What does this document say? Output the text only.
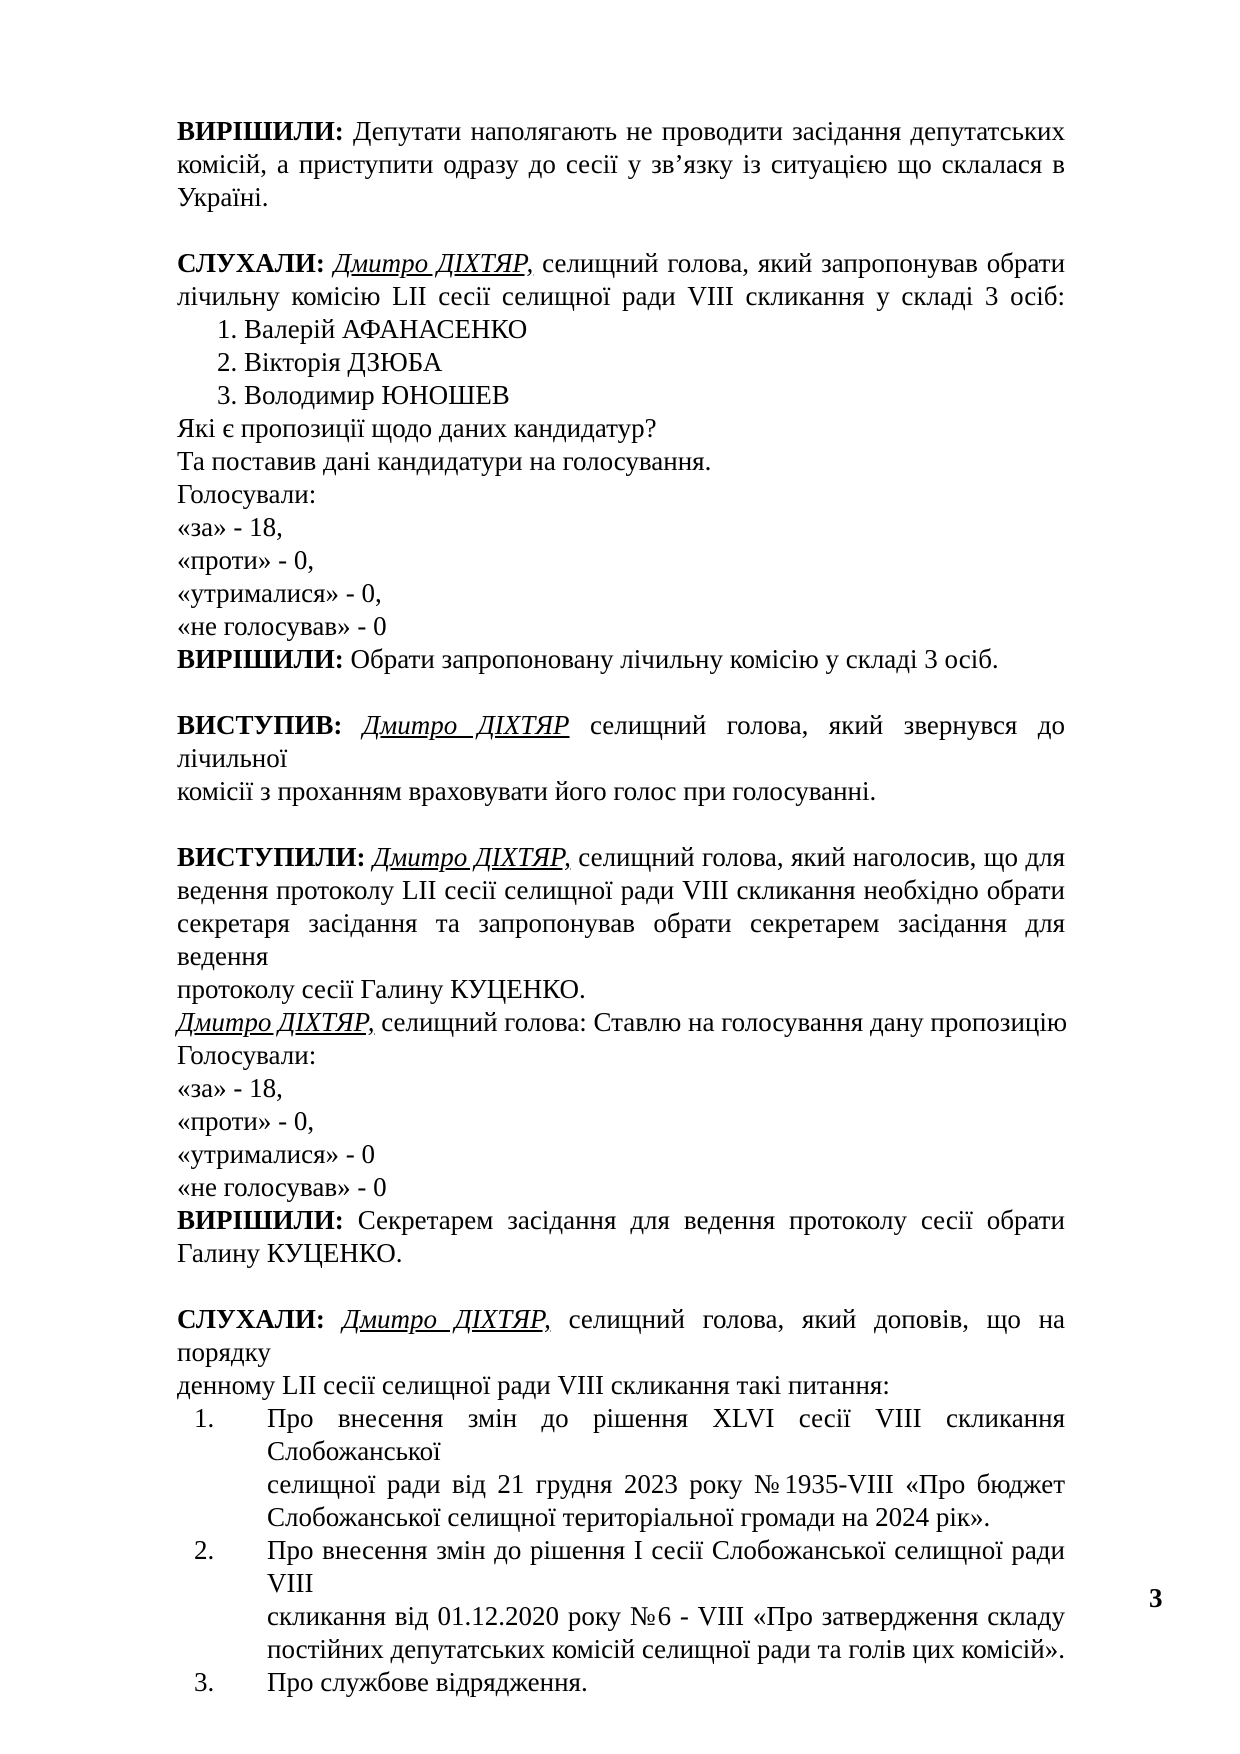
ВИРІШИЛИ: Депутати наполягають не проводити засідання депутатських
комісій, а приступити одразу до сесії у зв’язку із ситуацією що склалася в
Україні.
СЛУХАЛИ: Дмитро ДІХТЯР, селищний голова, який запропонував обрати
лічильну комісію LII сесії селищної ради VIII скликання у складі 3 осіб:
1. Валерій АФАНАСЕНКО
2. Вікторія ДЗЮБА
3. Володимир ЮНОШЕВ
Які є пропозиції щодо даних кандидатур?
Та поставив дані кандидатури на голосування.
Голосували:
«за» - 18,
«проти» - 0,
«утрималися» - 0,
«не голосував» - 0
ВИРІШИЛИ: Обрати запропоновану лічильну комісію у складі 3 осіб.
ВИСТУПИВ: Дмитро ДІХТЯР селищний голова, який звернувся до лічильної
комісії з проханням враховувати його голос при голосуванні.
ВИСТУПИЛИ: Дмитро ДІХТЯР, селищний голова, який наголосив, що для
ведення протоколу LII сесії селищної ради VIII скликання необхідно обрати
секретаря засідання та запропонував обрати секретарем засідання для ведення
протоколу сесії Галину КУЦЕНКО.
Дмитро ДІХТЯР, селищний голова: Ставлю на голосування дану пропозицію
Голосували:
«за» - 18,
«проти» - 0,
«утрималися» - 0
«не голосував» - 0
ВИРІШИЛИ: Секретарем засідання для ведення протоколу сесії обрати
Галину КУЦЕНКО.
СЛУХАЛИ: Дмитро ДІХТЯР, селищний голова, який доповів, що на порядку
денному LII сесії селищної ради VIII скликання такі питання:
1.	Про внесення змін до рішення XLVI сесії VIII скликання Слобожанської
селищної ради від 21 грудня 2023 року №1935-VIII «Про бюджет
Слобожанської селищної територіальної громади на 2024 рік».
2.	Про внесення змін до рішення I сесії Слобожанської селищної ради VIII
скликання від 01.12.2020 року №6 - VIII «Про затвердження складу
постійних депутатських комісій селищної ради та голів цих комісій».
3.	Про службове відрядження.
3
